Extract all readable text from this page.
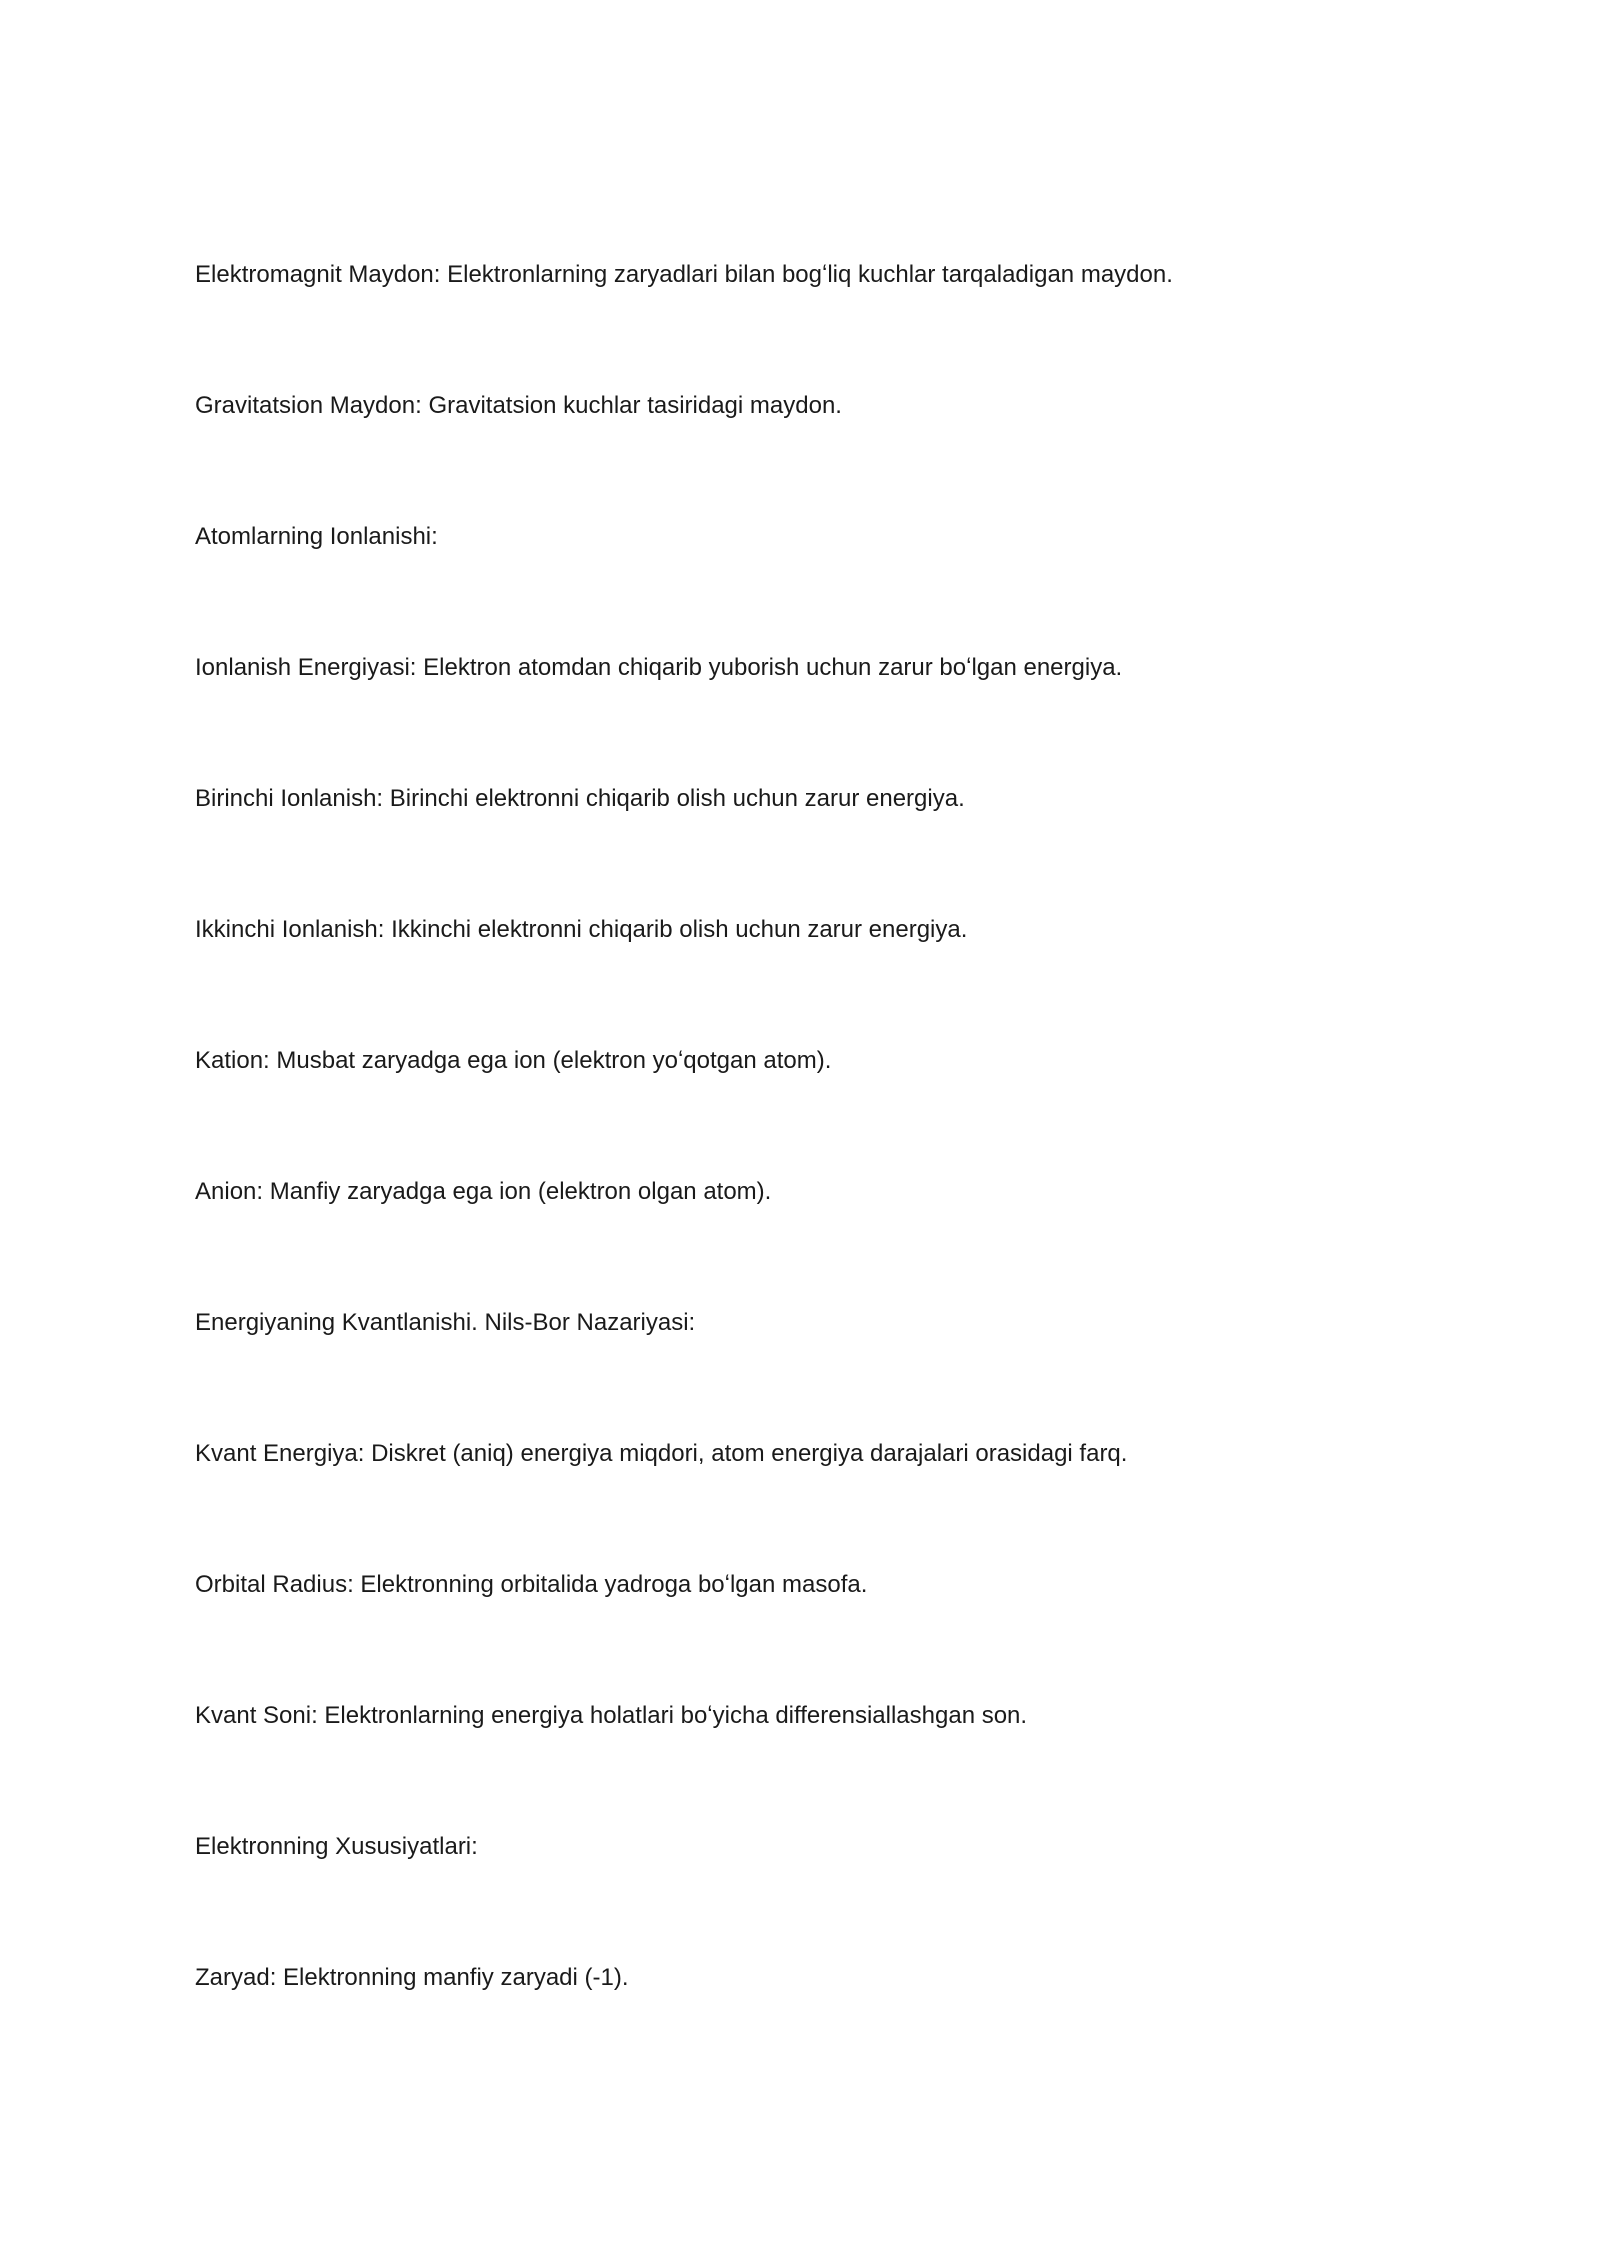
Elektromagnit Maydon: Elektronlarning zaryadlari bilan bogʻliq kuchlar tarqaladigan maydon.

Gravitatsion Maydon: Gravitatsion kuchlar tasiridagi maydon.

Atomlarning Ionlanishi:

Ionlanish Energiyasi: Elektron atomdan chiqarib yuborish uchun zarur boʻlgan energiya.

Birinchi Ionlanish: Birinchi elektronni chiqarib olish uchun zarur energiya.

Ikkinchi Ionlanish: Ikkinchi elektronni chiqarib olish uchun zarur energiya.

Kation: Musbat zaryadga ega ion (elektron yoʻqotgan atom).

Anion: Manfiy zaryadga ega ion (elektron olgan atom).

Energiyaning Kvantlanishi. Nils-Bor Nazariyasi:

Kvant Energiya: Diskret (aniq) energiya miqdori, atom energiya darajalari orasidagi farq.

Orbital Radius: Elektronning orbitalida yadroga boʻlgan masofa.

Kvant Soni: Elektronlarning energiya holatlari boʻyicha differensiallashgan son.

Elektronning Xususiyatlari:

Zaryad: Elektronning manfiy zaryadi (-1).
